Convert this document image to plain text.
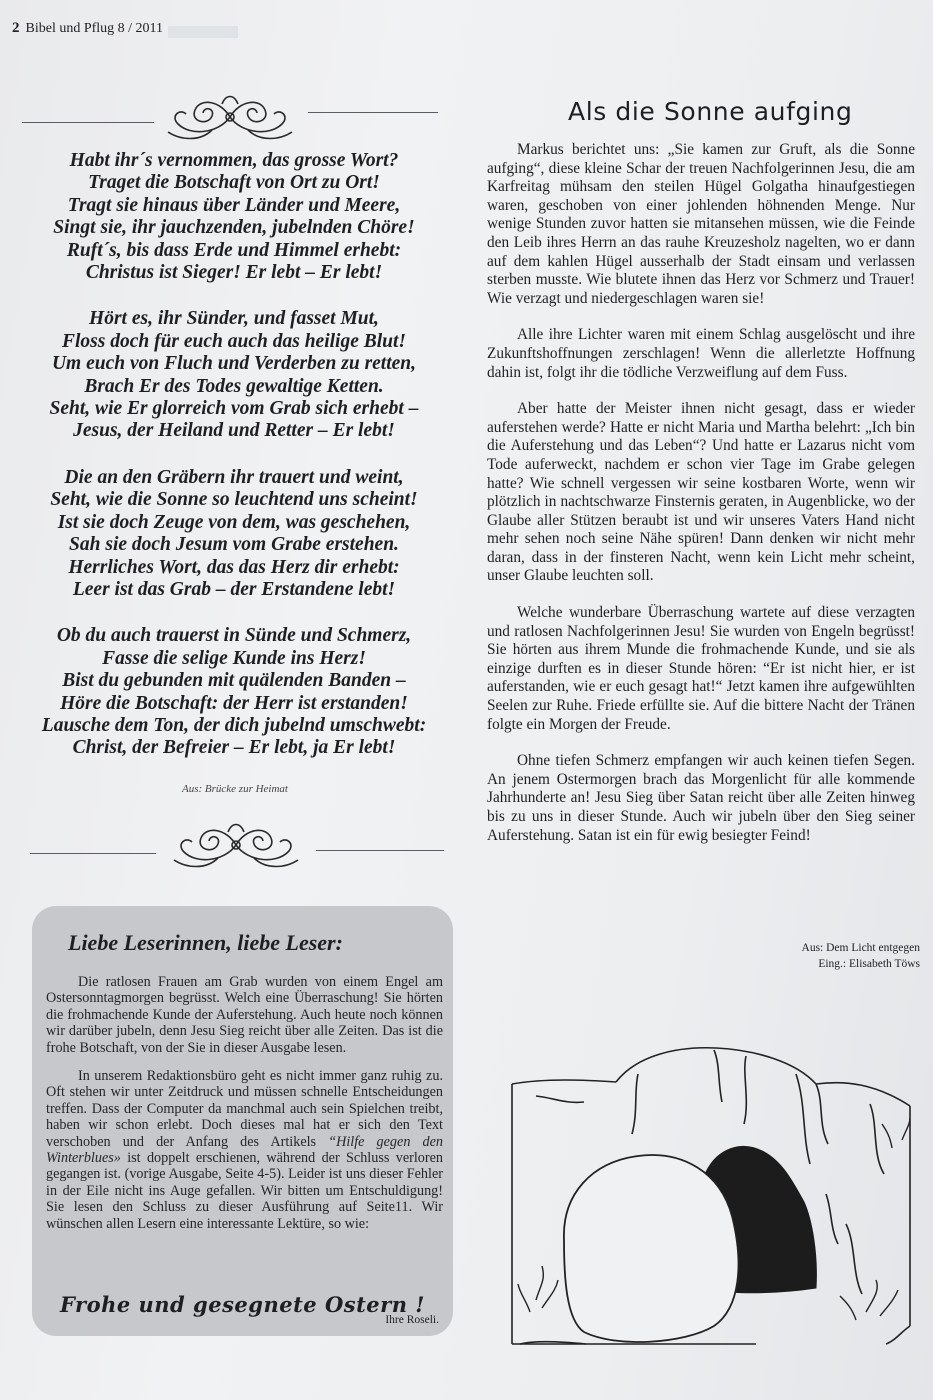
2 Bibel und Pflug 8 / 2011
Habt ihr´s vernommen, das grosse Wort?
Traget die Botschaft von Ort zu Ort!
Tragt sie hinaus über Länder und Meere,
Singt sie, ihr jauchzenden, jubelnden Chöre!
Ruft´s, bis dass Erde und Himmel erhebt:
Christus ist Sieger! Er lebt – Er lebt!
Hört es, ihr Sünder, und fasset Mut,
Floss doch für euch auch das heilige Blut!
Um euch von Fluch und Verderben zu retten,
Brach Er des Todes gewaltige Ketten.
Seht, wie Er glorreich vom Grab sich erhebt –
Jesus, der Heiland und Retter – Er lebt!
Die an den Gräbern ihr trauert und weint,
Seht, wie die Sonne so leuchtend uns scheint!
Ist sie doch Zeuge von dem, was geschehen,
Sah sie doch Jesum vom Grabe erstehen.
Herrliches Wort, das das Herz dir erhebt:
Leer ist das Grab – der Erstandene lebt!
Ob du auch trauerst in Sünde und Schmerz,
Fasse die selige Kunde ins Herz!
Bist du gebunden mit quälenden Banden –
Höre die Botschaft: der Herr ist erstanden!
Lausche dem Ton, der dich jubelnd umschwebt:
Christ, der Befreier – Er lebt, ja Er lebt!
Aus: Brücke zur Heimat
Liebe Leserinnen, liebe Leser:

Die ratlosen Frauen am Grab wurden von einem Engel am Ostersonntagmorgen begrüsst. Welch eine Überraschung! Sie hörten die frohmachende Kunde der Auferstehung. Auch heute noch können wir darüber jubeln, denn Jesu Sieg reicht über alle Zeiten. Das ist die frohe Botschaft, von der Sie in dieser Ausgabe lesen.

In unserem Redaktionsbüro geht es nicht immer ganz ruhig zu. Oft stehen wir unter Zeitdruck und müssen schnelle Entscheidungen treffen. Dass der Computer da manchmal auch sein Spielchen treibt, haben wir schon erlebt. Doch dieses mal hat er sich den Text verschoben und der Anfang des Artikels “Hilfe gegen den Winterblues» ist doppelt erschienen, während der Schluss verloren gegangen ist. (vorige Ausgabe, Seite 4-5). Leider ist uns dieser Fehler in der Eile nicht ins Auge gefallen. Wir bitten um Entschuldigung! Sie lesen den Schluss zu dieser Ausführung auf Seite11. Wir wünschen allen Lesern eine interessante Lektüre, so wie:

Frohe und gesegnete Ostern !
Ihre Roseli.
Als die Sonne aufging

Markus berichtet uns: „Sie kamen zur Gruft, als die Sonne aufging“, diese kleine Schar der treuen Nachfolgerinnen Jesu, die am Karfreitag mühsam den steilen Hügel Golgatha hinaufgestiegen waren, geschoben von einer johlenden höhnenden Menge. Nur wenige Stunden zuvor hatten sie mitansehen müssen, wie die Feinde den Leib ihres Herrn an das rauhe Kreuzesholz nagelten, wo er dann auf dem kahlen Hügel ausserhalb der Stadt einsam und verlassen sterben musste. Wie blutete ihnen das Herz vor Schmerz und Trauer! Wie verzagt und niedergeschlagen waren sie!

Alle ihre Lichter waren mit einem Schlag ausgelöscht und ihre Zukunftshoffnungen zerschlagen! Wenn die allerletzte Hoffnung dahin ist, folgt ihr die tödliche Verzweiflung auf dem Fuss.

Aber hatte der Meister ihnen nicht gesagt, dass er wieder auferstehen werde? Hatte er nicht Maria und Martha belehrt: „Ich bin die Auferstehung und das Leben“? Und hatte er Lazarus nicht vom Tode auferweckt, nachdem er schon vier Tage im Grabe gelegen hatte? Wie schnell vergessen wir seine kostbaren Worte, wenn wir plötzlich in nachtschwarze Finsternis geraten, in Augenblicke, wo der Glaube aller Stützen beraubt ist und wir unseres Vaters Hand nicht mehr sehen noch seine Nähe spüren! Dann denken wir nicht mehr daran, dass in der finsteren Nacht, wenn kein Licht mehr scheint, unser Glaube leuchten soll.

Welche wunderbare Überraschung wartete auf diese verzagten und ratlosen Nachfolgerinnen Jesu! Sie wurden von Engeln begrüsst! Sie hörten aus ihrem Munde die frohmachende Kunde, und sie als einzige durften es in dieser Stunde hören: “Er ist nicht hier, er ist auferstanden, wie er euch gesagt hat!“ Jetzt kamen ihre aufgewühlten Seelen zur Ruhe. Friede erfüllte sie. Auf die bittere Nacht der Tränen folgte ein Morgen der Freude.

Ohne tiefen Schmerz empfangen wir auch keinen tiefen Segen. An jenem Ostermorgen brach das Morgenlicht für alle kommende Jahrhunderte an! Jesu Sieg über Satan reicht über alle Zeiten hinweg bis zu uns in dieser Stunde. Auch wir jubeln über den Sieg seiner Auferstehung. Satan ist ein für ewig besiegter Feind!

Aus: Dem Licht entgegen
Eing.: Elisabeth Töws
